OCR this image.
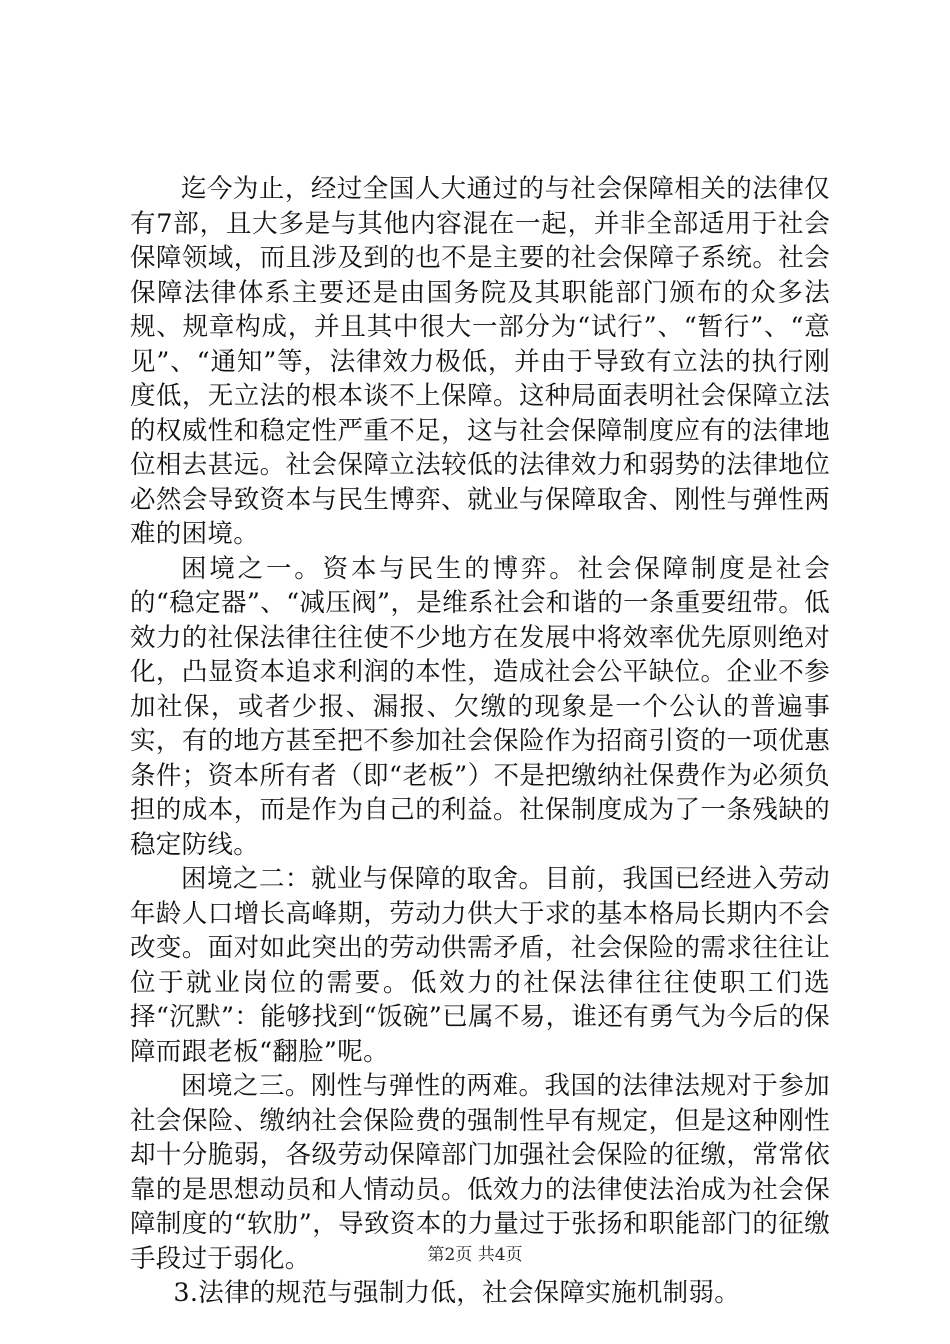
迄今为止，经过全国人大通过的与社会保障相关的法律仅有7部，且大多是与其他内容混在一起，并非全部适用于社会保障领域，而且涉及到的也不是主要的社会保障子系统。社会保障法律体系主要还是由国务院及其职能部门颁布的众多法规、规章构成，并且其中很大一部分为“试行”、“暂行”、“意见”、“通知”等，法律效力极低，并由于导致有立法的执行刚度低，无立法的根本谈不上保障。这种局面表明社会保障立法的权威性和稳定性严重不足，这与社会保障制度应有的法律地位相去甚远。社会保障立法较低的法律效力和弱势的法律地位必然会导致资本与民生博弈、就业与保障取舍、刚性与弹性两难的困境。

困境之一。资本与民生的博弈。社会保障制度是社会的“稳定器”、“减压阀”，是维系社会和谐的一条重要纽带。低效力的社保法律往往使不少地方在发展中将效率优先原则绝对化，凸显资本追求利润的本性，造成社会公平缺位。企业不参加社保，或者少报、漏报、欠缴的现象是一个公认的普遍事实，有的地方甚至把不参加社会保险作为招商引资的一项优惠条件；资本所有者（即“老板”）不是把缴纳社保费作为必须负担的成本，而是作为自己的利益。社保制度成为了一条残缺的稳定防线。

困境之二：就业与保障的取舍。目前，我国已经进入劳动年龄人口增长高峰期，劳动力供大于求的基本格局长期内不会改变。面对如此突出的劳动供需矛盾，社会保险的需求往往让位于就业岗位的需要。低效力的社保法律往往使职工们选择“沉默”：能够找到“饭碗”已属不易，谁还有勇气为今后的保障而跟老板“翻脸”呢。

困境之三。刚性与弹性的两难。我国的法律法规对于参加社会保险、缴纳社会保险费的强制性早有规定，但是这种刚性却十分脆弱，各级劳动保障部门加强社会保险的征缴，常常依靠的是思想动员和人情动员。低效力的法律使法治成为社会保障制度的“软肋”，导致资本的力量过于张扬和职能部门的征缴手段过于弱化。

3.法律的规范与强制力低，社会保障实施机制弱。

第2页 共4页
